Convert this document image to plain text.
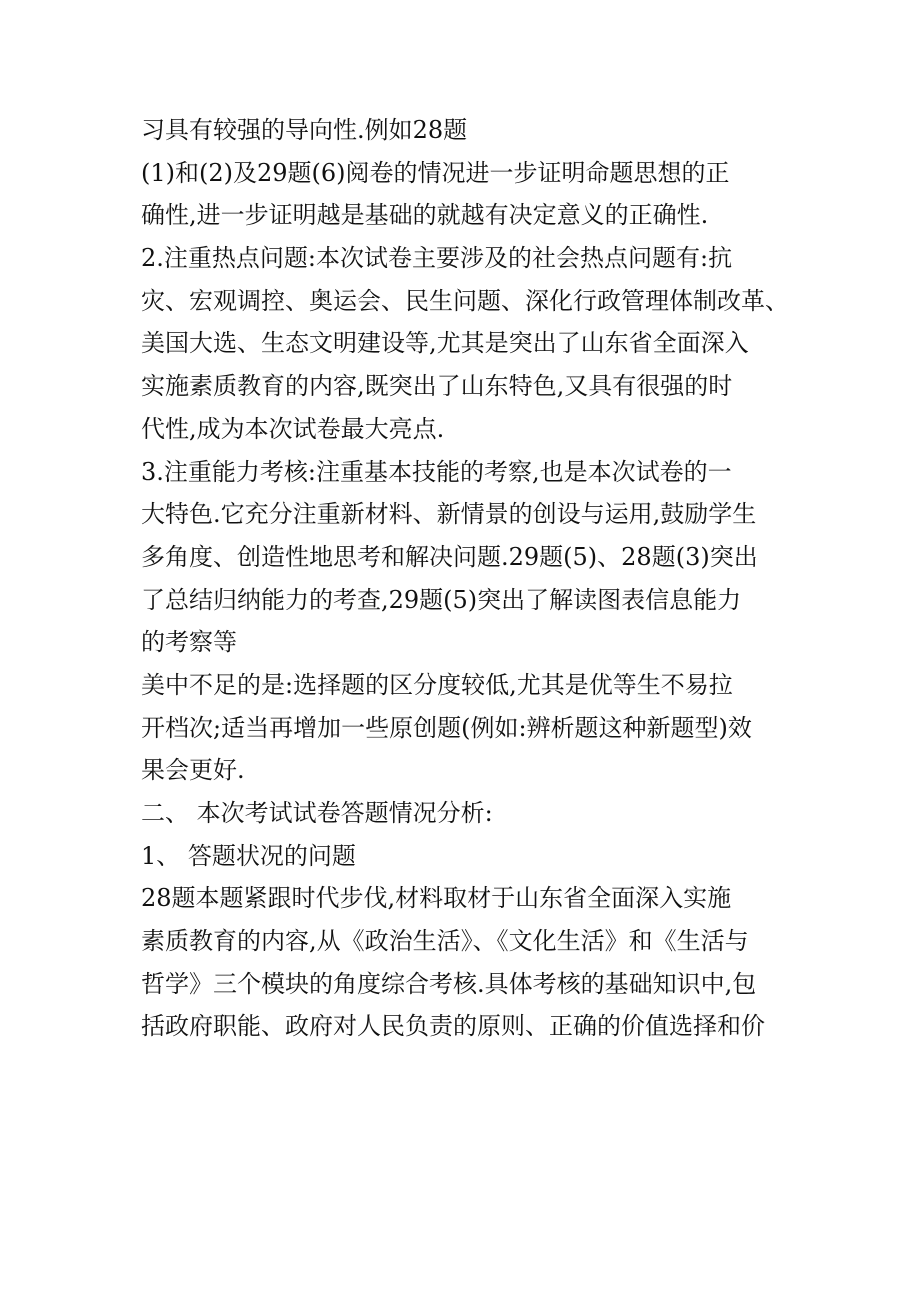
习具有较强的导向性.例如28题
(1)和(2)及29题(6)阅卷的情况进一步证明命题思想的正
确性,进一步证明越是基础的就越有决定意义的正确性.
2.注重热点问题:本次试卷主要涉及的社会热点问题有:抗
灾、宏观调控、奥运会、民生问题、深化行政管理体制改革、
美国大选、生态文明建设等,尤其是突出了山东省全面深入
实施素质教育的内容,既突出了山东特色,又具有很强的时
代性,成为本次试卷最大亮点.
3.注重能力考核:注重基本技能的考察,也是本次试卷的一
大特色.它充分注重新材料、新情景的创设与运用,鼓励学生
多角度、创造性地思考和解决问题.29题(5)、28题(3)突出
了总结归纳能力的考查,29题(5)突出了解读图表信息能力
的考察等
美中不足的是:选择题的区分度较低,尤其是优等生不易拉
开档次;适当再增加一些原创题(例如:辨析题这种新题型)效
果会更好.
二、 本次考试试卷答题情况分析:
1、 答题状况的问题
28题本题紧跟时代步伐,材料取材于山东省全面深入实施
素质教育的内容,从《政治生活》、《文化生活》和《生活与
哲学》三个模块的角度综合考核.具体考核的基础知识中,包
括政府职能、政府对人民负责的原则、正确的价值选择和价
